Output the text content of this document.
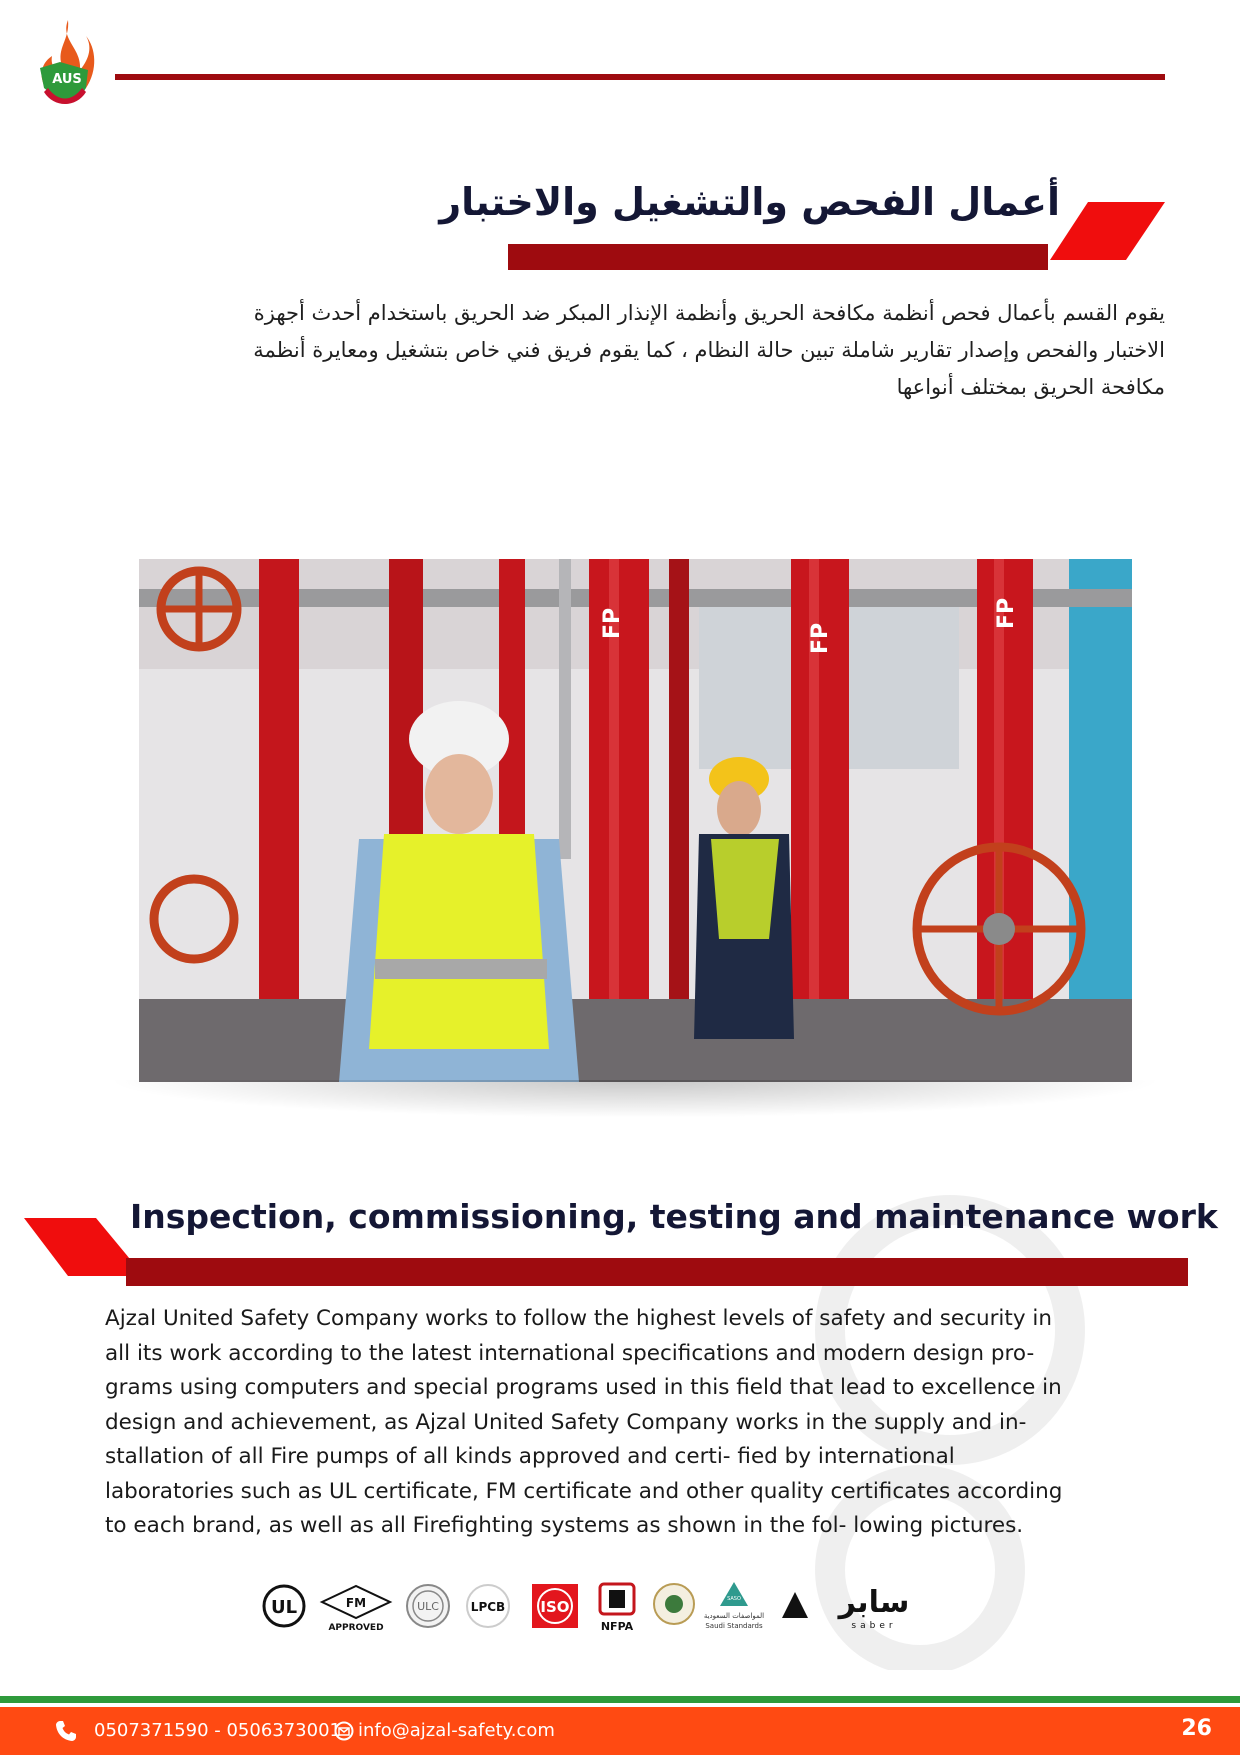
AUS
أعمال الفحص والتشغيل والاختبار
يقوم القسم بأعمال فحص أنظمة مكافحة الحريق وأنظمة الإنذار المبكر ضد الحريق باستخدام أحدث أجهزة
الاختبار والفحص وإصدار تقارير شاملة تبين حالة النظام ، كما يقوم فريق فني خاص بتشغيل ومعايرة أنظمة
مكافحة الحريق بمختلف أنواعها
FP	FP
FP
Inspection, commissioning, testing and maintenance work
Ajzal United Safety Company works to follow the highest levels of safety and security in
all its work according to the latest international specifications and modern design pro-
grams using computers and special programs used in this field that lead to excellence in
design and achievement, as Ajzal United Safety Company works in the supply and in-
stallation of all Fire pumps of all kinds approved and certi- fied by international
laboratories such as UL certificate, FM certificate and other quality certificates according
to each brand, as well as all Firefighting systems as shown in the fol- lowing pictures.
UL	FM
APPROVED
ULC	LPCB ISO
NFPA
SASO
المواصفات السعودية
Saudi Standards
سابر
saber
0507371590 - 0506373001 info@ajzal-safety.com	26
